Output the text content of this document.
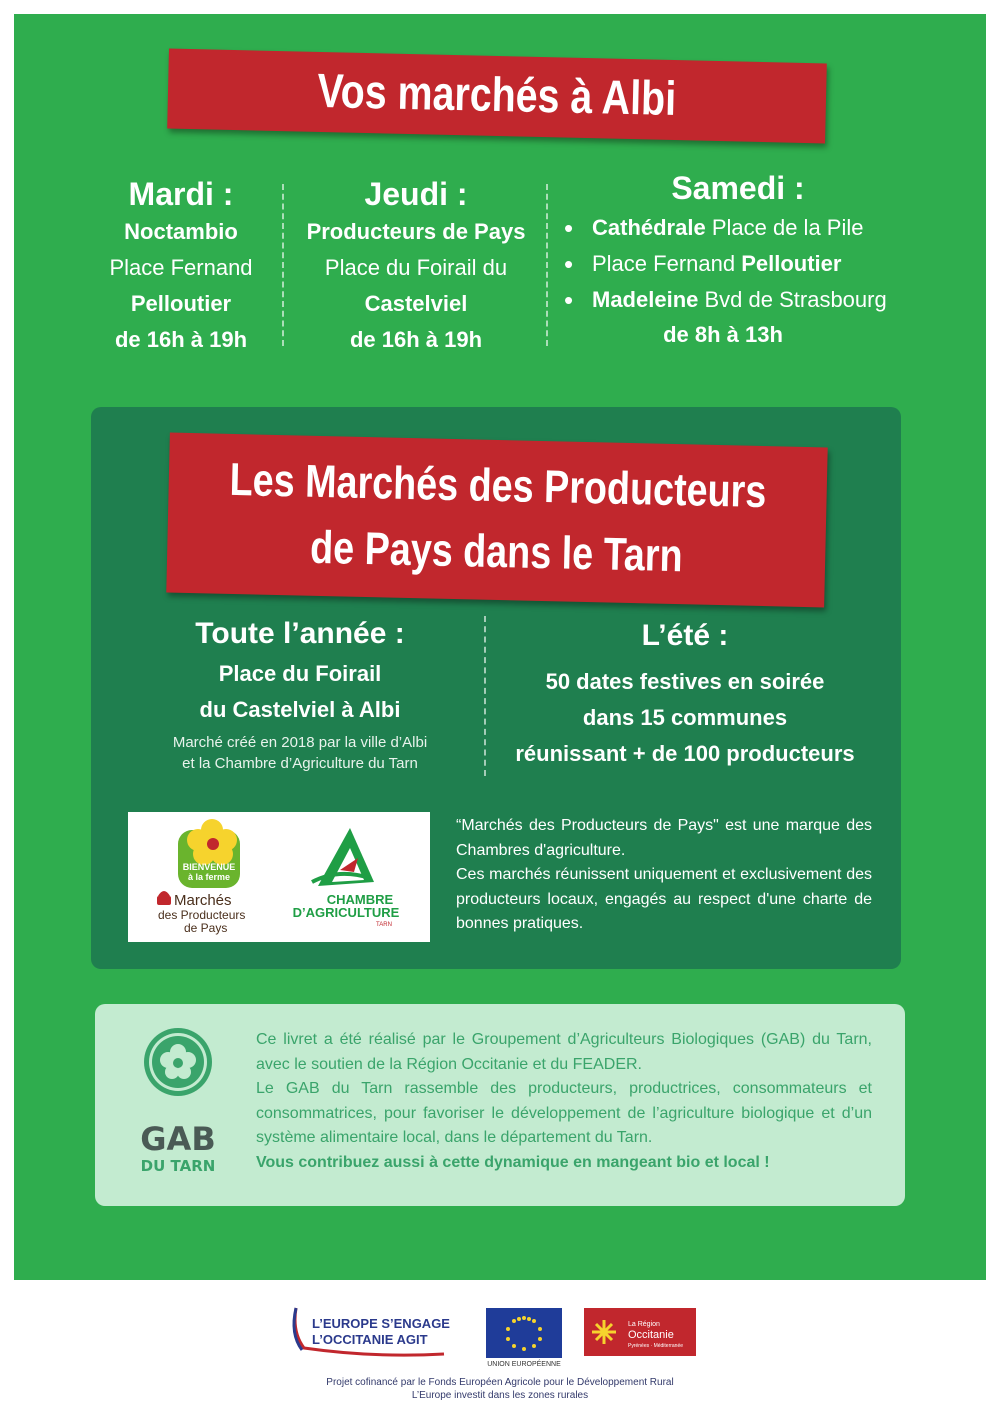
Vos marchés à Albi
Mardi :
Noctambio
Place Fernand
Pelloutier
de 16h à 19h
Jeudi :
Producteurs de Pays
Place du Foirail du
Castelviel
de 16h à 19h
Samedi :
• Cathédrale Place de la Pile
• Place Fernand Pelloutier
• Madeleine Bvd de Strasbourg
de 8h à 13h
Les Marchés des Producteurs
de Pays dans le Tarn
Toute l’année :
Place du Foirail
du Castelviel à Albi
Marché créé en 2018 par la ville d’Albi
et la Chambre d’Agriculture du Tarn
L’été :
50 dates festives en soirée
dans 15 communes
réunissant + de 100 producteurs
BIENVENUE
à la ferme
Marchés
des Producteurs
de Pays
CHAMBRE
D’AGRICULTURE
TARN

“Marchés des Producteurs de Pays" est une marque des Chambres d'agriculture.

Ces marchés réunissent uniquement et exclusivement des producteurs locaux, engagés au respect d'une charte de bonnes pratiques.

GAB
DU TARN

Ce livret a été réalisé par le Groupement d’Agriculteurs Biologiques (GAB) du Tarn, avec le soutien de la Région Occitanie et du FEADER.

Le GAB du Tarn rassemble des producteurs, productrices, consommateurs et consommatrices, pour favoriser le développement de l’agriculture biologique et d’un système alimentaire local, dans le département du Tarn.

Vous contribuez aussi à cette dynamique en mangeant bio et local !

L’EUROPE S’ENGAGE
L’OCCITANIE AGIT
UNION EUROPÉENNE
La Région
Occitanie
Pyrénées · Méditerranée
Projet cofinancé par le Fonds Européen Agricole pour le Développement Rural
L’Europe investit dans les zones rurales
